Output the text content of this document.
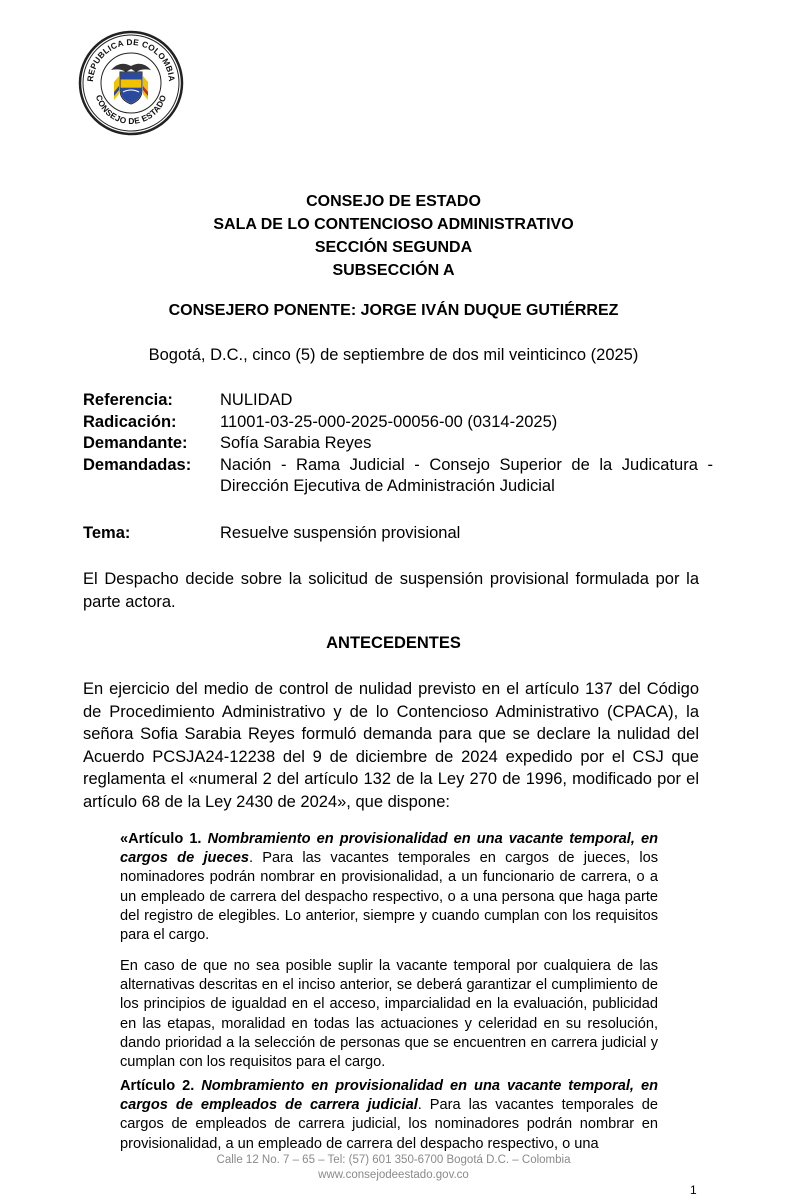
REPUBLICA DE COLOMBIA
CONSEJO DE ESTADO
CONSEJO DE ESTADO
SALA DE LO CONTENCIOSO ADMINISTRATIVO
SECCIÓN SEGUNDA
SUBSECCIÓN A
CONSEJERO PONENTE: JORGE IVÁN DUQUE GUTIÉRREZ
Bogotá, D.C., cinco (5) de septiembre de dos mil veinticinco (2025)
Referencia:	NULIDAD
Radicación:	11001-03-25-000-2025-00056-00 (0314-2025)
Demandante:	Sofía Sarabia Reyes
Demandadas:	Nación - Rama Judicial - Consejo Superior de la Judicatura - Dirección Ejecutiva de Administración Judicial
Tema:	Resuelve suspensión provisional
El Despacho decide sobre la solicitud de suspensión provisional formulada por la parte actora.
ANTECEDENTES
En ejercicio del medio de control de nulidad previsto en el artículo 137 del Código de Procedimiento Administrativo y de lo Contencioso Administrativo (CPACA), la señora Sofia Sarabia Reyes formuló demanda para que se declare la nulidad del Acuerdo PCSJA24-12238 del 9 de diciembre de 2024 expedido por el CSJ que reglamenta el «numeral 2 del artículo 132 de la Ley 270 de 1996, modificado por el artículo 68 de la Ley 2430 de 2024», que dispone:
«Artículo 1. Nombramiento en provisionalidad en una vacante temporal, en cargos de jueces. Para las vacantes temporales en cargos de jueces, los nominadores podrán nombrar en provisionalidad, a un funcionario de carrera, o a un empleado de carrera del despacho respectivo, o a una persona que haga parte del registro de elegibles. Lo anterior, siempre y cuando cumplan con los requisitos para el cargo.
En caso de que no sea posible suplir la vacante temporal por cualquiera de las alternativas descritas en el inciso anterior, se deberá garantizar el cumplimiento de los principios de igualdad en el acceso, imparcialidad en la evaluación, publicidad en las etapas, moralidad en todas las actuaciones y celeridad en su resolución, dando prioridad a la selección de personas que se encuentren en carrera judicial y cumplan con los requisitos para el cargo.
Artículo 2. Nombramiento en provisionalidad en una vacante temporal, en cargos de empleados de carrera judicial. Para las vacantes temporales de cargos de empleados de carrera judicial, los nominadores podrán nombrar en provisionalidad, a un empleado de carrera del despacho respectivo, o una
Calle 12 No. 7 – 65 – Tel: (57) 601 350-6700 Bogotá D.C. – Colombia
www.consejodeestado.gov.co
1
